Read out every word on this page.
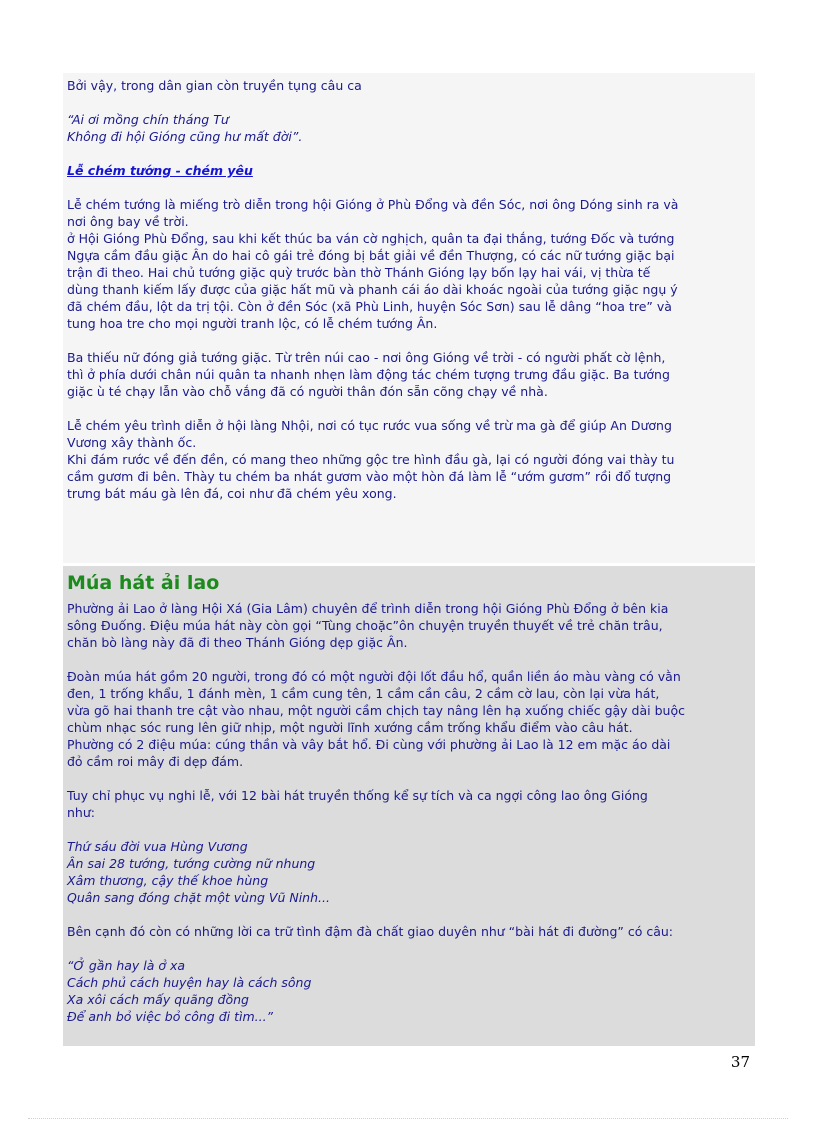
Bởi vậy, trong dân gian còn truyền tụng câu ca

“Ai ơi mồng chín tháng Tư
Không đi hội Gióng cũng hư mất đời”.

Lễ chém tướng - chém yêu

Lễ chém tướng là miếng trò diễn trong hội Gióng ở Phù Đổng và đền Sóc, nơi ông Dóng sinh ra và
nơi ông bay về trời.
ở Hội Gióng Phù Đổng, sau khi kết thúc ba ván cờ nghịch, quân ta đại thắng, tướng Đốc và tướng
Ngựa cầm đầu giặc Ân do hai cô gái trẻ đóng bị bắt giải về đền Thượng, có các nữ tướng giặc bại
trận đi theo. Hai chủ tướng giặc quỳ trước bàn thờ Thánh Gióng lạy bốn lạy hai vái, vị thừa tế
dùng thanh kiếm lấy được của giặc hất mũ và phanh cái áo dài khoác ngoài của tướng giặc ngụ ý
đã chém đầu, lột da trị tội. Còn ở đền Sóc (xã Phù Linh, huyện Sóc Sơn) sau lễ dâng “hoa tre” và
tung hoa tre cho mọi người tranh lộc, có lễ chém tướng Ân.
Ba thiếu nữ đóng giả tướng giặc. Từ trên núi cao - nơi ông Gióng về trời - có người phất cờ lệnh,
thì ở phía dưới chân núi quân ta nhanh nhẹn làm động tác chém tượng trưng đầu giặc. Ba tướng
giặc ù té chạy lẫn vào chỗ vắng đã có người thân đón sẵn cõng chạy về nhà.
Lễ chém yêu trình diễn ở hội làng Nhội, nơi có tục rước vua sống về trừ ma gà để giúp An Dương
Vương xây thành ốc.
Khi đám rước về đến đền, có mang theo những gộc tre hình đầu gà, lại có người đóng vai thày tu
cầm gươm đi bên. Thày tu chém ba nhát gươm vào một hòn đá làm lễ “ướm gươm” rồi đổ tượng
trưng bát máu gà lên đá, coi như đã chém yêu xong.

Múa hát ải lao

Phường ải Lao ở làng Hội Xá (Gia Lâm) chuyên để trình diễn trong hội Gióng Phù Đổng ở bên kia
sông Đuống. Điệu múa hát này còn gọi “Tùng choặc”ôn chuyện truyền thuyết về trẻ chăn trâu,
chăn bò làng này đã đi theo Thánh Gióng dẹp giặc Ân.
Đoàn múa hát gồm 20 người, trong đó có một người đội lốt đầu hổ, quần liền áo màu vàng có vằn
đen, 1 trống khẩu, 1 đánh mèn, 1 cầm cung tên, 1 cầm cần câu, 2 cầm cờ lau, còn lại vừa hát,
vừa gõ hai thanh tre cật vào nhau, một người cầm chịch tay nâng lên hạ xuống chiếc gậy dài buộc
chùm nhạc sóc rung lên giữ nhịp, một người lĩnh xướng cầm trống khẩu điểm vào câu hát.
Phường có 2 điệu múa: cúng thần và vây bắt hổ. Đi cùng với phường ải Lao là 12 em mặc áo dài
đỏ cầm roi mây đi dẹp đám.
Tuy chỉ phục vụ nghi lễ, với 12 bài hát truyền thống kể sự tích và ca ngợi công lao ông Gióng
như:
Thứ sáu đời vua Hùng Vương
Ân sai 28 tướng, tướng cường nữ nhung
Xâm thương, cậy thế khoe hùng
Quân sang đóng chặt một vùng Vũ Ninh...
Bên cạnh đó còn có những lời ca trữ tình đậm đà chất giao duyên như “bài hát đi đường” có câu:
“Ở gần hay là ở xa
Cách phủ cách huyện hay là cách sông
Xa xôi cách mấy quãng đồng
Để anh bỏ việc bỏ công đi tìm...”
37
